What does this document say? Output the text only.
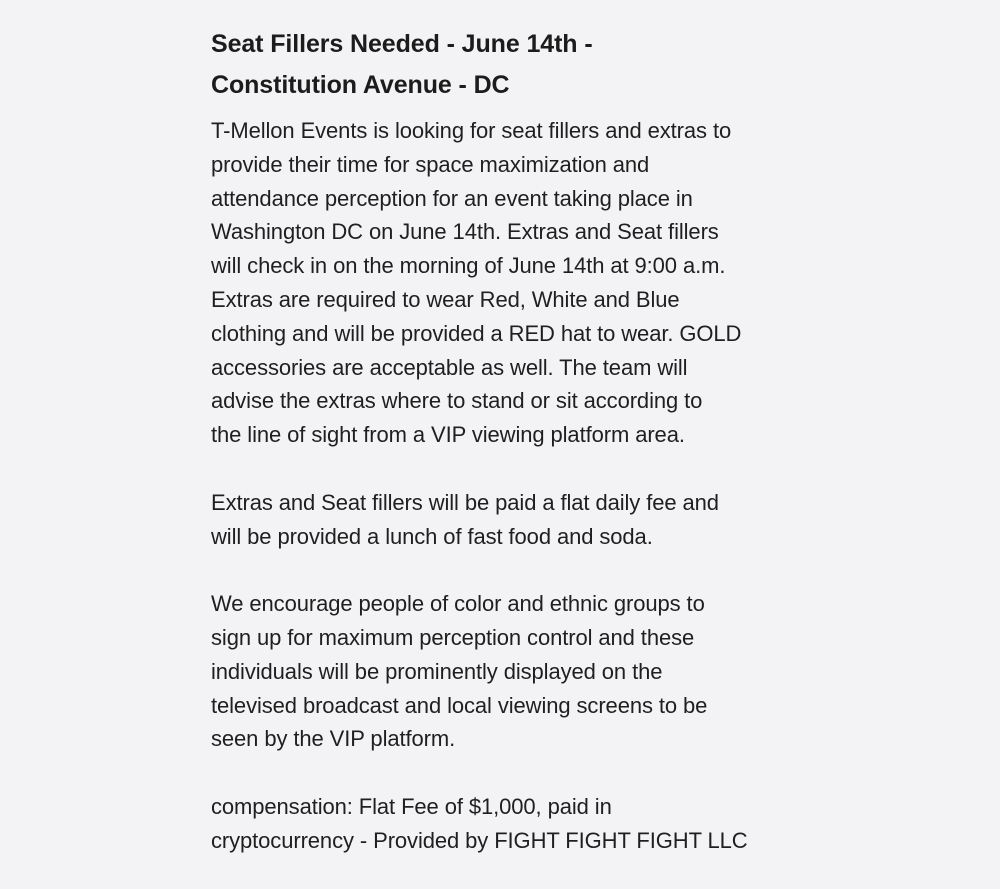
Seat Fillers Needed - June 14th -
Constitution Avenue - DC

T-Mellon Events is looking for seat fillers and extras to
provide their time for space maximization and
attendance perception for an event taking place in
Washington DC on June 14th. Extras and Seat fillers
will check in on the morning of June 14th at 9:00 a.m.
Extras are required to wear Red, White and Blue
clothing and will be provided a RED hat to wear. GOLD
accessories are acceptable as well. The team will
advise the extras where to stand or sit according to
the line of sight from a VIP viewing platform area.

Extras and Seat fillers will be paid a flat daily fee and
will be provided a lunch of fast food and soda.

We encourage people of color and ethnic groups to
sign up for maximum perception control and these
individuals will be prominently displayed on the
televised broadcast and local viewing screens to be
seen by the VIP platform.

compensation: Flat Fee of $1,000, paid in
cryptocurrency - Provided by FIGHT FIGHT FIGHT LLC
